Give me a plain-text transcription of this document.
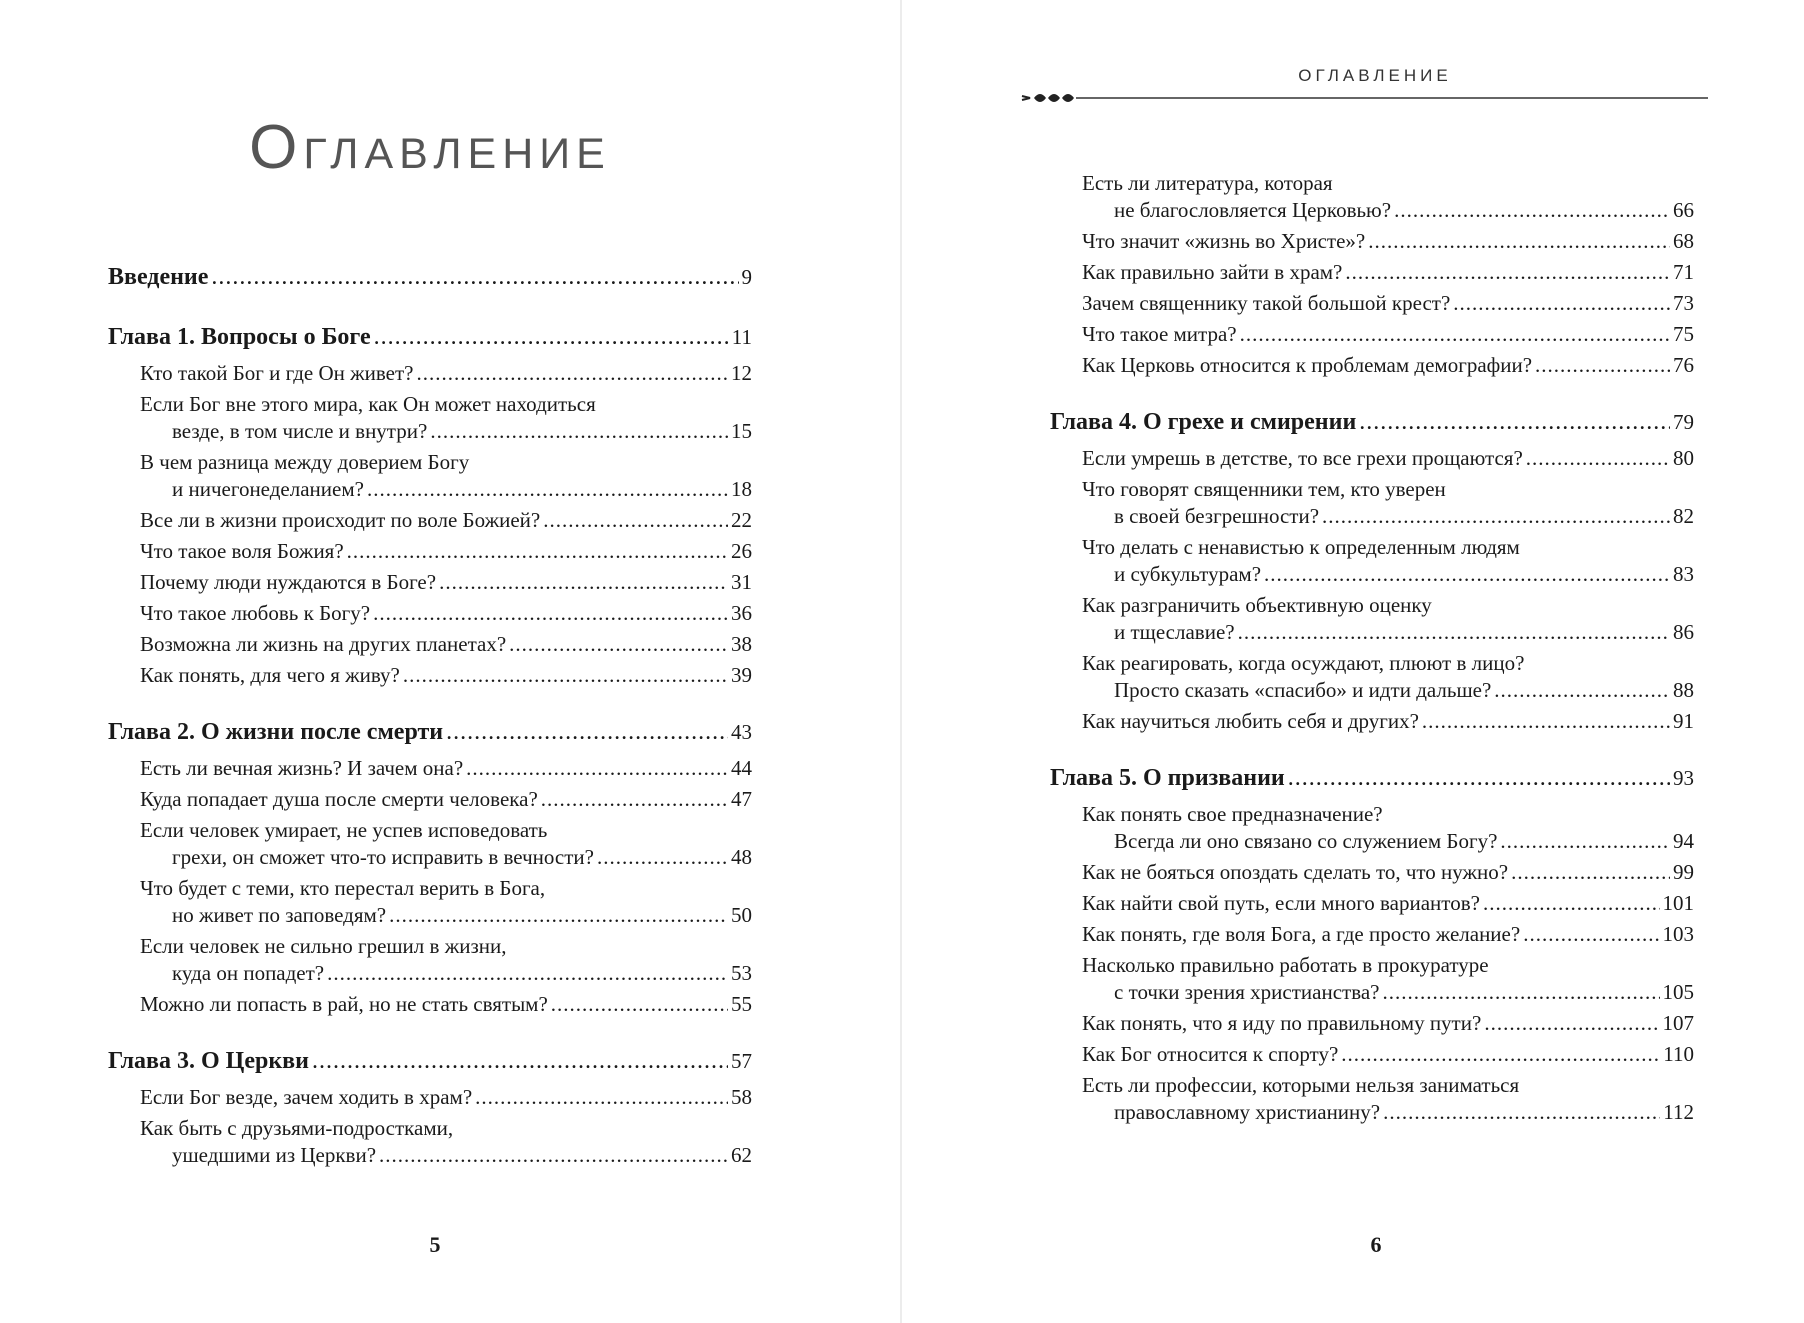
Оглавление
ОГЛАВЛЕНИЕ
Введение .....	9
Глава 1. Вопросы о Боге .....	11
Кто такой Бог и где Он живет? .....	12
Если Бог вне этого мира, как Он может находиться
везде, в том числе и внутри? .....	15
В чем разница между доверием Богу
и ничегонеделанием? .....	18
Все ли в жизни происходит по воле Божией? .....	22
Что такое воля Божия? .....	26
Почему люди нуждаются в Боге? .....	31
Что такое любовь к Богу? .....	36
Возможна ли жизнь на других планетах? .....	38
Как понять, для чего я живу? .....	39
Глава 2. О жизни после смерти .....	43
Есть ли вечная жизнь? И зачем она? .....	44
Куда попадает душа после смерти человека? .....	47
Если человек умирает, не успев исповедовать
грехи, он сможет что-то исправить в вечности? .....	48
Что будет с теми, кто перестал верить в Бога,
но живет по заповедям? .....	50
Если человек не сильно грешил в жизни,
куда он попадет? .....	53
Можно ли попасть в рай, но не стать святым? .....	55
Глава 3. О Церкви .....	57
Если Бог везде, зачем ходить в храм? .....	58
Как быть с друзьями-подростками,
ушедшими из Церкви? .....	62
Есть ли литература, которая
не благословляется Церковью? .....	66
Что значит «жизнь во Христе»? .....	68
Как правильно зайти в храм? .....	71
Зачем священнику такой большой крест? .....	73
Что такое митра? .....	75
Как Церковь относится к проблемам демографии? .....	76
Глава 4. О грехе и смирении .....	79
Если умрешь в детстве, то все грехи прощаются? .....	80
Что говорят священники тем, кто уверен
в своей безгрешности? .....	82
Что делать с ненавистью к определенным людям
и субкультурам? .....	83
Как разграничить объективную оценку
и тщеславие? .....	86
Как реагировать, когда осуждают, плюют в лицо?
Просто сказать «спасибо» и идти дальше? .....	88
Как научиться любить себя и других? .....	91
Глава 5. О призвании .....	93
Как понять свое предназначение?
Всегда ли оно связано со служением Богу? .....	94
Как не бояться опоздать сделать то, что нужно? .....	99
Как найти свой путь, если много вариантов? .....	101
Как понять, где воля Бога, а где просто желание? .....	103
Насколько правильно работать в прокуратуре
с точки зрения христианства? .....	105
Как понять, что я иду по правильному пути? .....	107
Как Бог относится к спорту? .....	110
Есть ли профессии, которыми нельзя заниматься
православному христианину? .....	112
5	6
